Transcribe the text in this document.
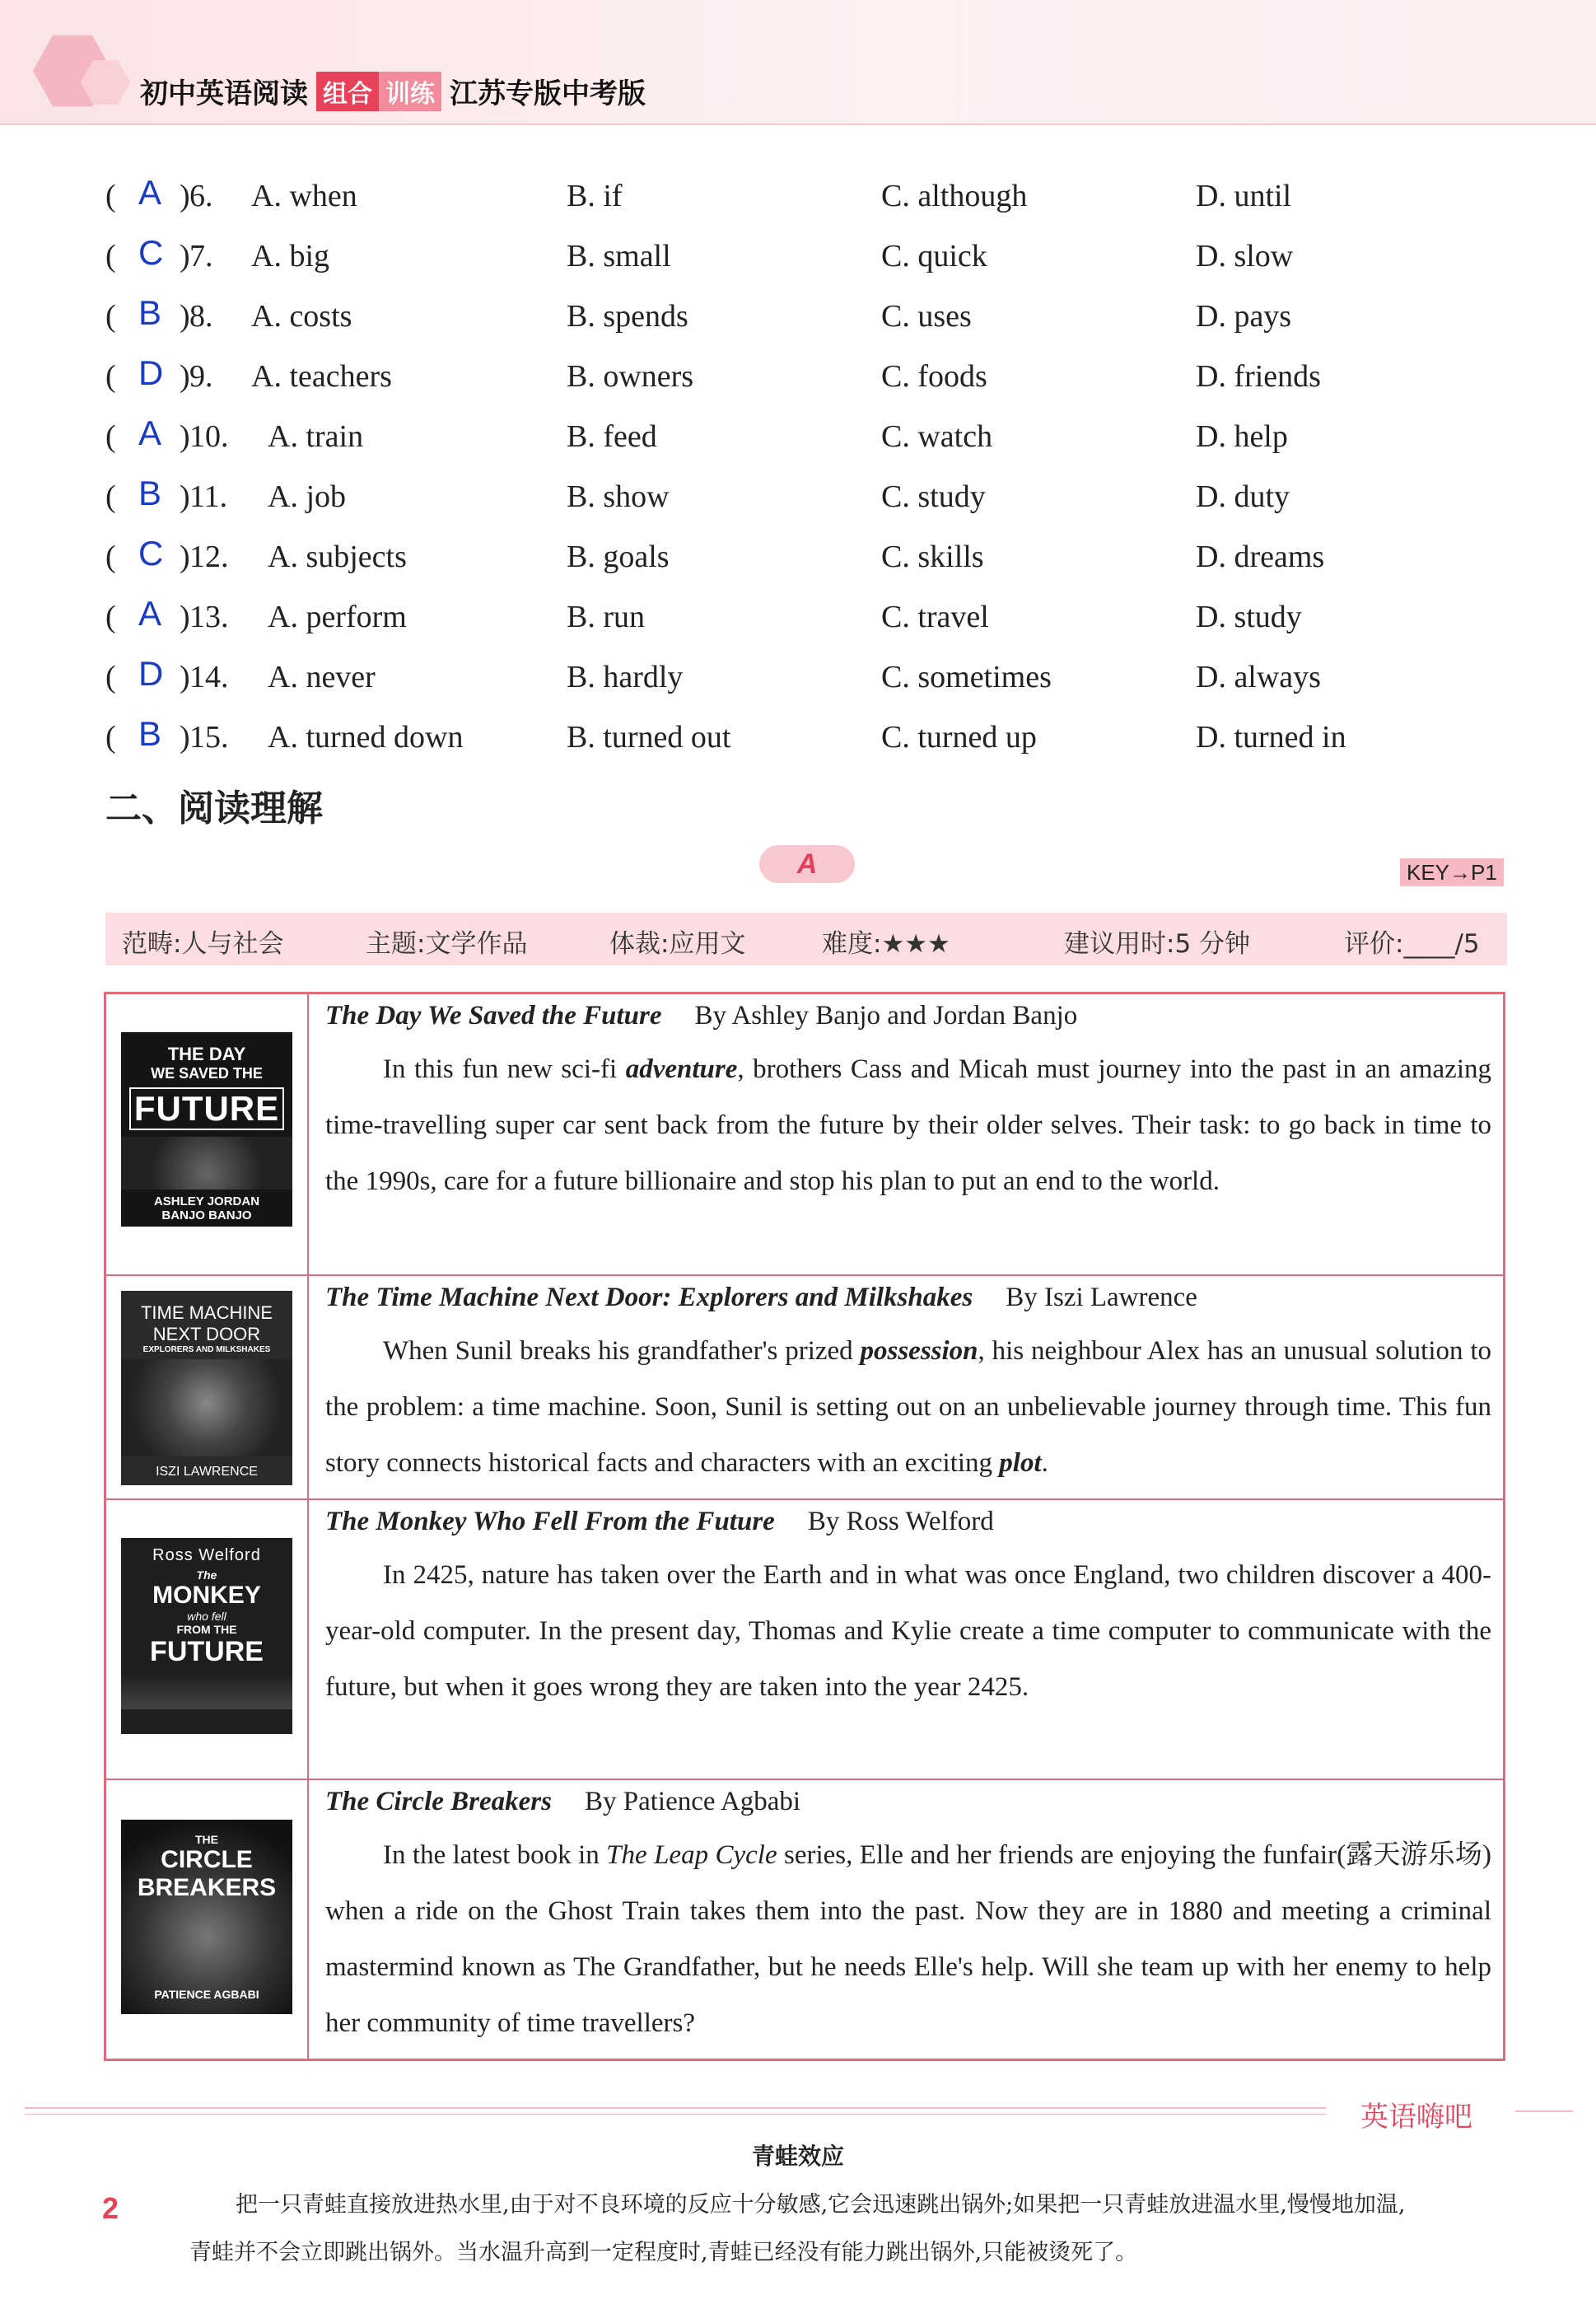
初中英语阅读 组合 训练 江苏专版中考版
( A 6. A. when	B. if	C. although	D. until
)
( C 7. A. big	B. small	C. quick	D. slow
)
( B 8. A. costs	B. spends	C. uses	D. pays
)
( D 9. A. teachers	B. owners	C. foods	D. friends
)
( A 10. A. train	B. feed	C. watch	D. help
)
( B 11. A. job	B. show	C. study	D. duty
)
( C 12. A. subjects	B. goals	C. skills	D. dreams
)
( A 13. A. perform	B. run	C. travel	D. study
)
( D 14. A. never	B. hardly	C. sometimes	D. always
)
( B 15. A. turned down	B. turned out	C. turned up	D. turned in
)
二、阅读理解
A	KEY→P1
范畴:人与社会	主题:文学作品	体裁:应用文	难度:★★★	建议用时:5 分钟	评价:____/5
THE DAY
WE SAVED THE
FUTURE
ASHLEY JORDAN
BANJO BANJO
The Day We Saved the Future By Ashley Banjo and Jordan Banjo
In this fun new sci-fi adventure, brothers Cass and Micah must journey into the past in an amazing time-travelling super car sent back from the future by their older selves. Their task: to go back in time to the 1990s, care for a future billionaire and stop his plan to put an end to the world.
TIME MACHINE
NEXT DOOR
EXPLORERS AND MILKSHAKES
ISZI LAWRENCE
The Time Machine Next Door: Explorers and Milkshakes By Iszi Lawrence
When Sunil breaks his grandfather's prized possession, his neighbour Alex has an unusual solution to the problem: a time machine. Soon, Sunil is setting out on an unbelievable journey through time. This fun story connects historical facts and characters with an exciting plot.
Ross Welford
The
MONKEY
who fell
FROM THE
FUTURE
The Monkey Who Fell From the Future By Ross Welford
In 2425, nature has taken over the Earth and in what was once England, two children discover a 400-year-old computer. In the present day, Thomas and Kylie create a time computer to communicate with the future, but when it goes wrong they are taken into the year 2425.
THE
CIRCLE
BREAKERS
PATIENCE AGBABI
The Circle Breakers By Patience Agbabi
In the latest book in The Leap Cycle series, Elle and her friends are enjoying the funfair(露天游乐场) when a ride on the Ghost Train takes them into the past. Now they are in 1880 and meeting a criminal mastermind known as The Grandfather, but he needs Elle's help. Will she team up with her enemy to help her community of time travellers?
英语嗨吧
青蛙效应
2	把一只青蛙直接放进热水里,由于对不良环境的反应十分敏感,它会迅速跳出锅外;如果把一只青蛙放进温水里,慢慢地加温,青蛙并不会立即跳出锅外。当水温升高到一定程度时,青蛙已经没有能力跳出锅外,只能被烫死了。
